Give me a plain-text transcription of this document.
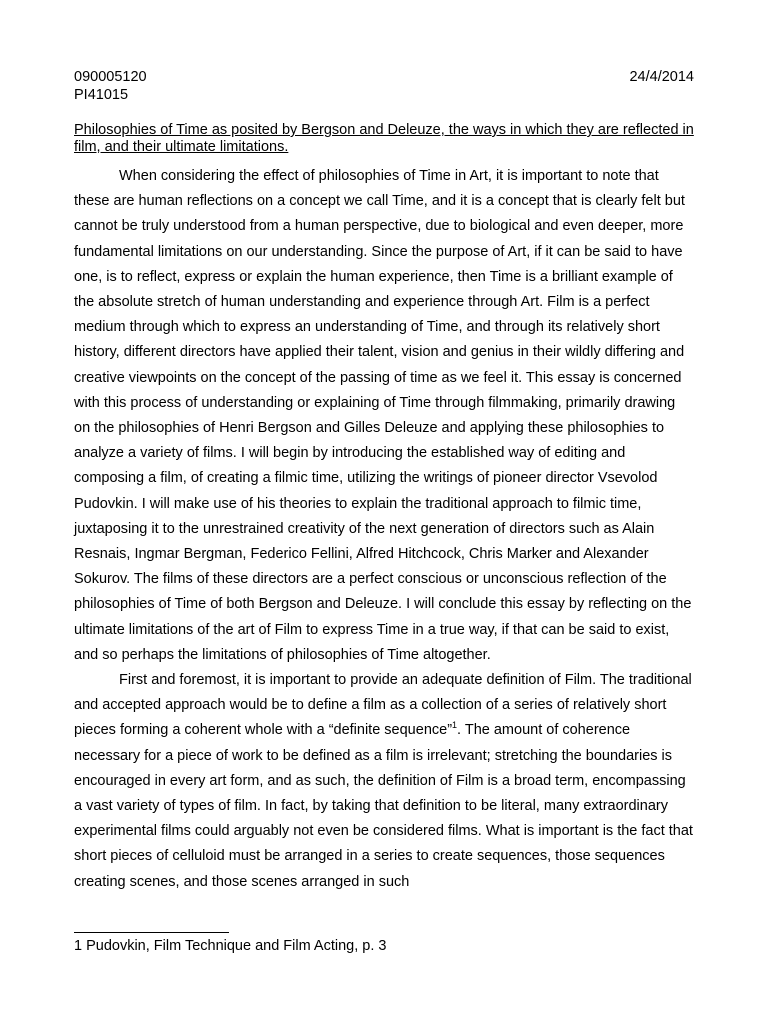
090005120	24/4/2014
PI41015
Philosophies of Time as posited by Bergson and Deleuze, the ways in which they are reflected in film, and their ultimate limitations.

When considering the effect of philosophies of Time in Art, it is important to note that these are human reflections on a concept we call Time, and it is a concept that is clearly felt but cannot be truly understood from a human perspective, due to biological and even deeper, more fundamental limitations on our understanding. Since the purpose of Art, if it can be said to have one, is to reflect, express or explain the human experience, then Time is a brilliant example of the absolute stretch of human understanding and experience through Art. Film is a perfect medium through which to express an understanding of Time, and through its relatively short history, different directors have applied their talent, vision and genius in their wildly differing and creative viewpoints on the concept of the passing of time as we feel it. This essay is concerned with this process of understanding or explaining of Time through filmmaking, primarily drawing on the philosophies of Henri Bergson and Gilles Deleuze and applying these philosophies to analyze a variety of films. I will begin by introducing the established way of editing and composing a film, of creating a filmic time, utilizing the writings of pioneer director Vsevolod Pudovkin. I will make use of his theories to explain the traditional approach to filmic time, juxtaposing it to the unrestrained creativity of the next generation of directors such as Alain Resnais, Ingmar Bergman, Federico Fellini, Alfred Hitchcock, Chris Marker and Alexander Sokurov. The films of these directors are a perfect conscious or unconscious reflection of the philosophies of Time of both Bergson and Deleuze. I will conclude this essay by reflecting on the ultimate limitations of the art of Film to express Time in a true way, if that can be said to exist, and so perhaps the limitations of philosophies of Time altogether.

First and foremost, it is important to provide an adequate definition of Film. The traditional and accepted approach would be to define a film as a collection of a series of relatively short pieces forming a coherent whole with a “definite sequence”$^1$. The amount of coherence necessary for a piece of work to be defined as a film is irrelevant; stretching the boundaries is encouraged in every art form, and as such, the definition of Film is a broad term, encompassing a vast variety of types of film. In fact, by taking that definition to be literal, many extraordinary experimental films could arguably not even be considered films. What is important is the fact that short pieces of celluloid must be arranged in a series to create sequences, those sequences creating scenes, and those scenes arranged in such

1 Pudovkin, Film Technique and Film Acting, p. 3
